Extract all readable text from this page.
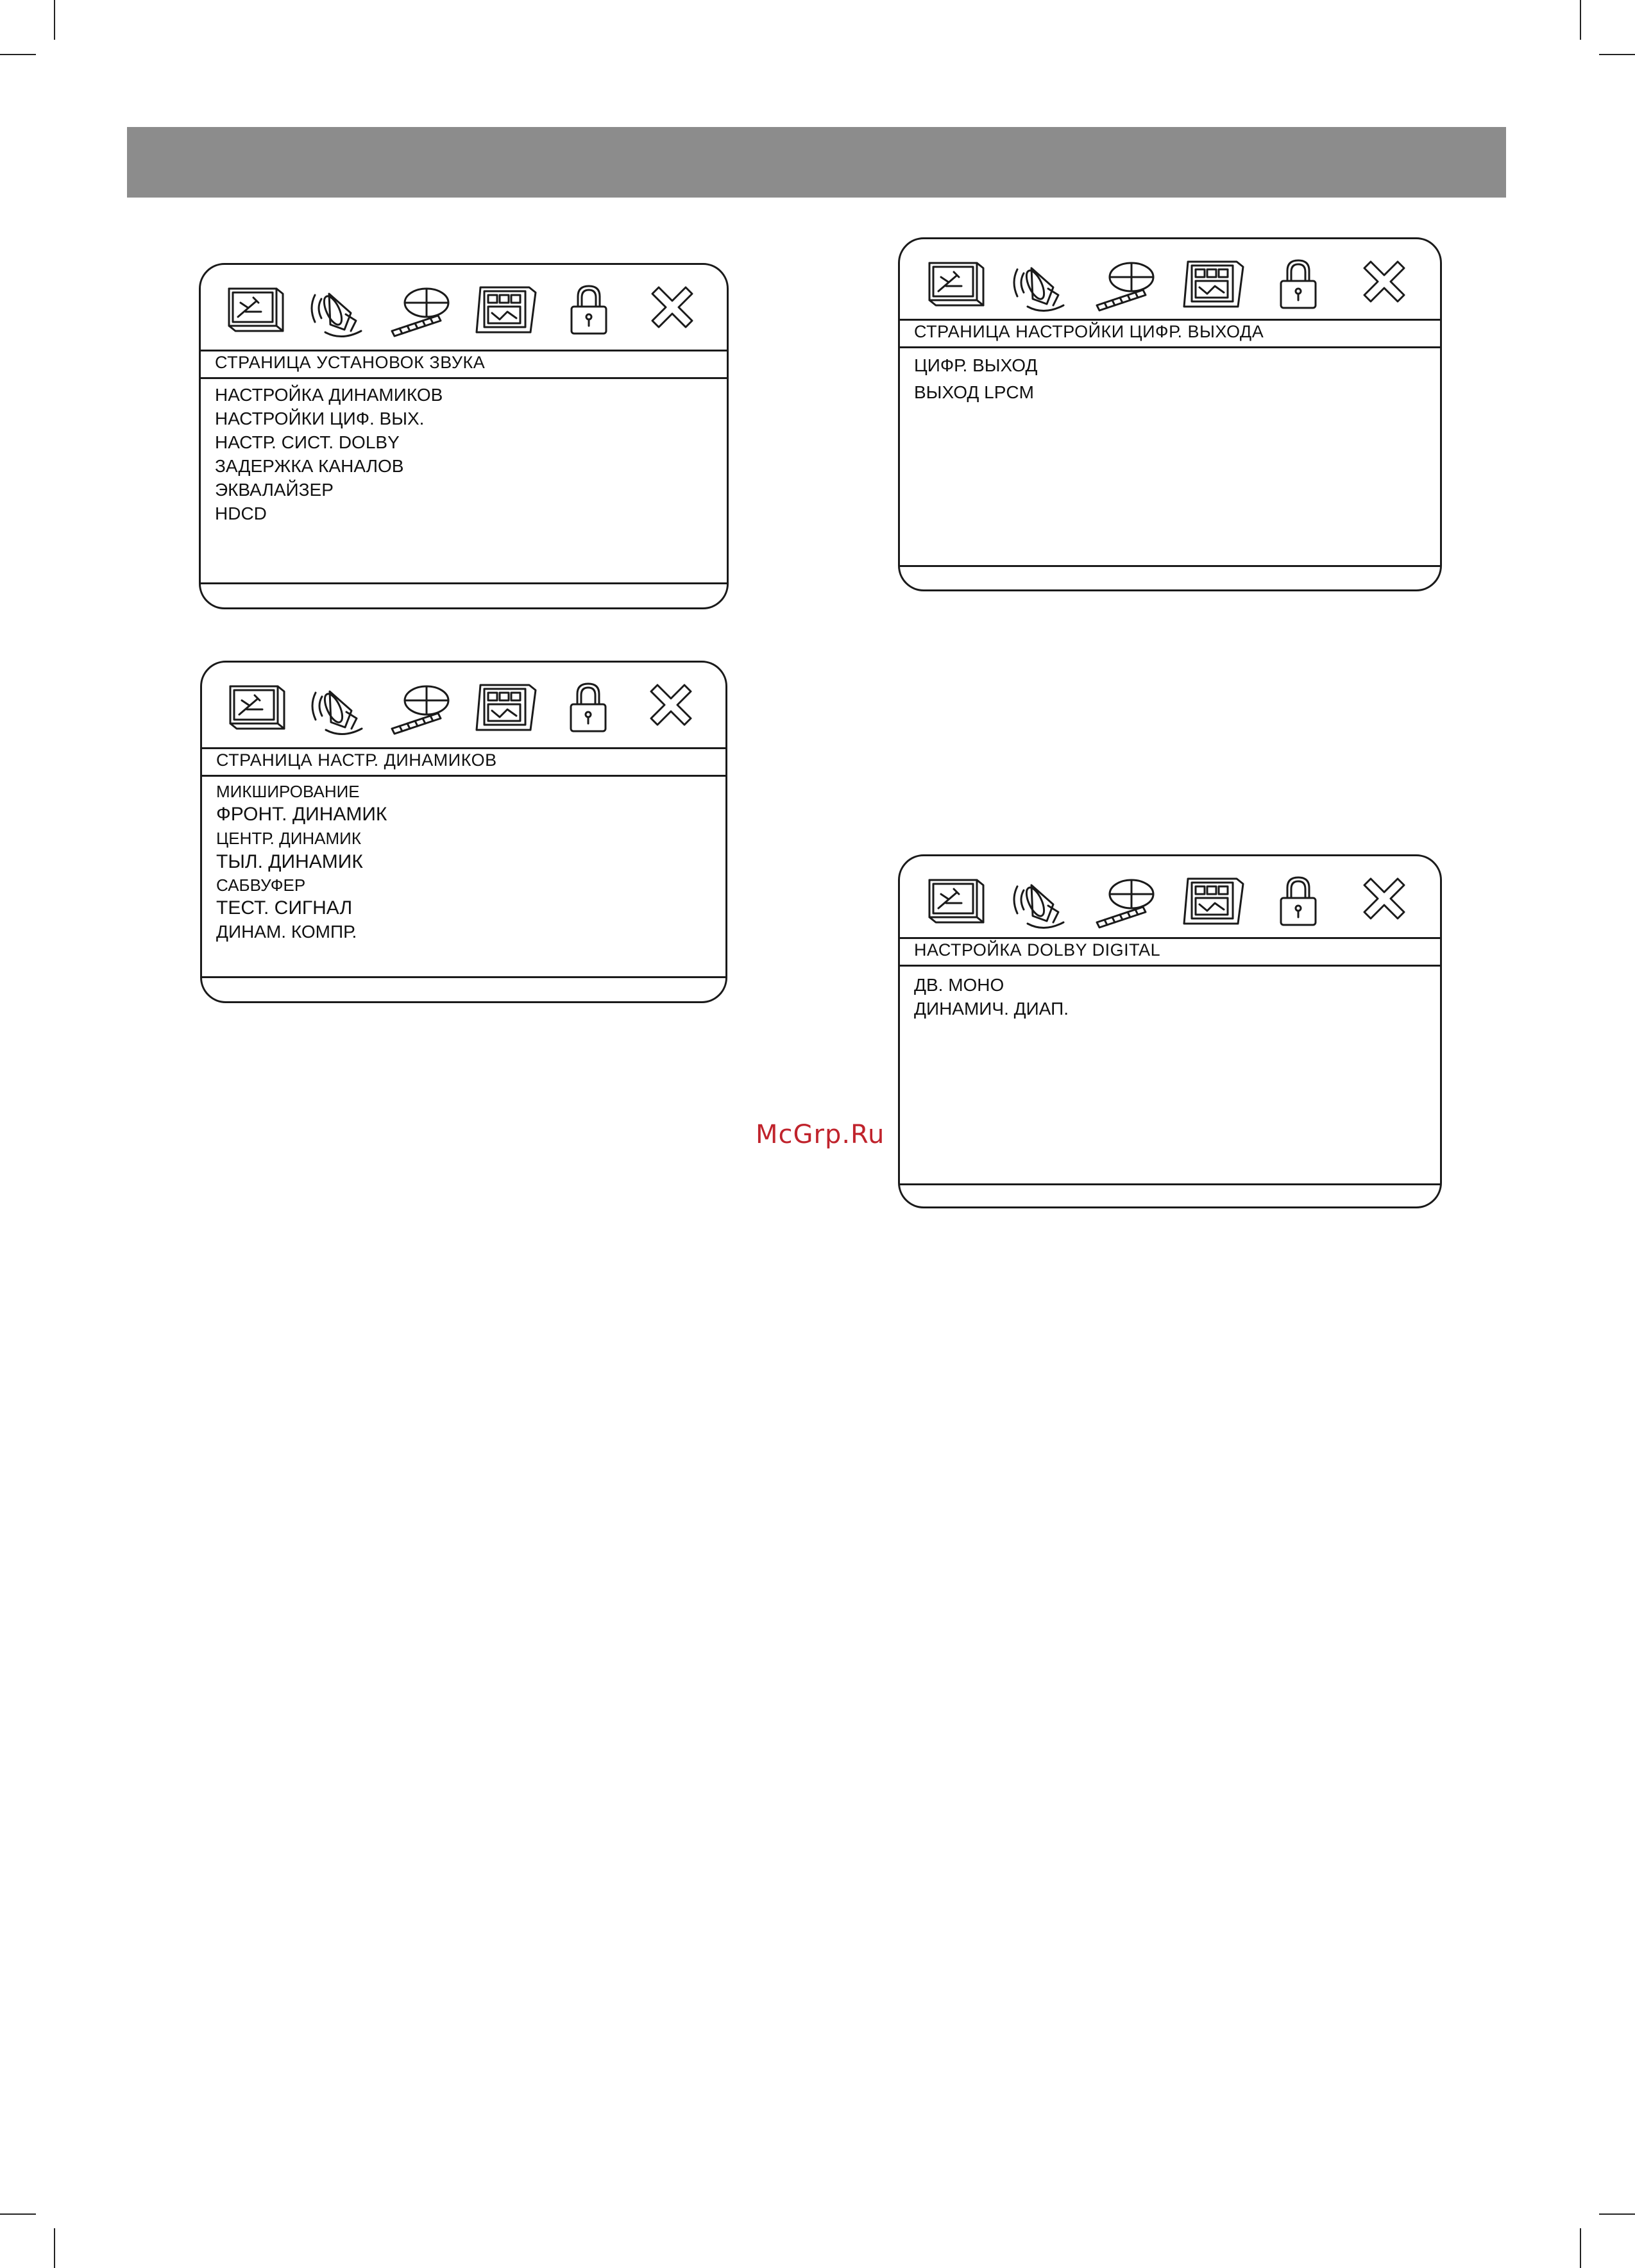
СТРАНИЦА УСТАНОВОК ЗВУКА
НАСТРОЙКА ДИНАМИКОВ
НАСТРОЙКИ ЦИФ. ВЫХ.
НАСТР. СИСТ. DOLBY
ЗАДЕРЖКА КАНАЛОВ
ЭКВАЛАЙЗЕР
HDCD
СТРАНИЦА НАСТР. ДИНАМИКОВ
МИКШИРОВАНИЕ
ФРОНТ. ДИНАМИК
ЦЕНТР. ДИНАМИК
ТЫЛ. ДИНАМИК
САБВУФЕР
ТЕСТ. СИГНАЛ
ДИНАМ. КОМПР.
СТРАНИЦА НАСТРОЙКИ ЦИФР. ВЫХОДА
ЦИФР. ВЫХОД
ВЫХОД LPCM
НАСТРОЙКА DOLBY DIGITAL
ДВ. МОНО
ДИНАМИЧ. ДИАП.
McGrp.Ru
